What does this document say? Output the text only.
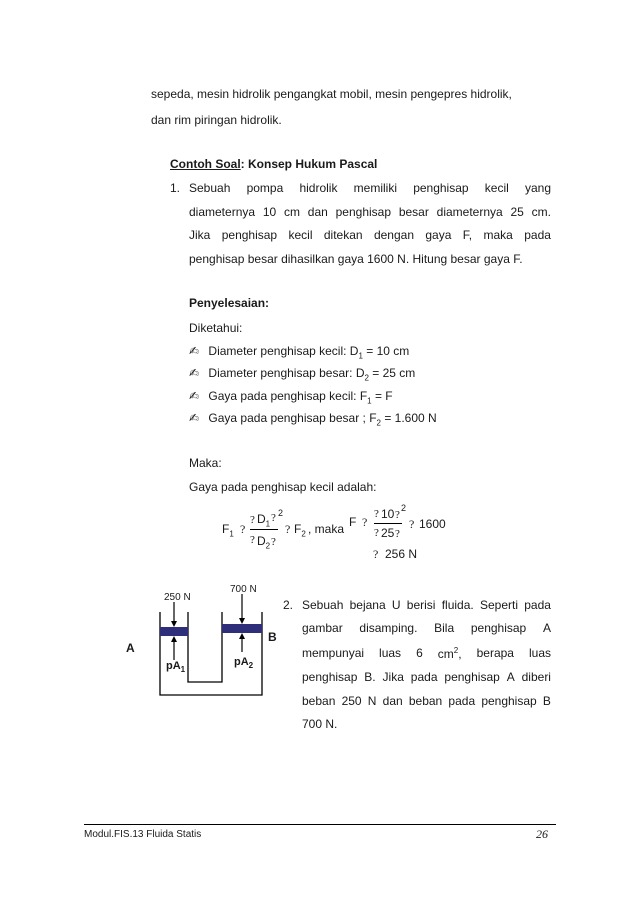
sepeda, mesin hidrolik pengangkat mobil, mesin pengepres hidrolik,
dan rim piringan hidrolik.
Contoh Soal: Konsep Hukum Pascal
1. Sebuah pompa hidrolik memiliki penghisap kecil yang
diameternya 10 cm dan penghisap besar diameternya 25 cm.
Jika penghisap kecil ditekan dengan gaya F, maka pada
penghisap besar dihasilkan gaya 1600 N. Hitung besar gaya F.
Penyelesaian:
Diketahui:
✍ Diameter penghisap kecil: $D_1 = 10$ cm
✍ Diameter penghisap besar: $D_2 = 25$ cm
✍ Gaya pada penghisap kecil: $F_1 = F$
✍ Gaya pada penghisap besar ; $F_2 = 1.600$ N
Maka:
Gaya pada penghisap kecil adalah:
$F_1$ ?
? $D_1$ ? 2
? $D_2$ ?
? $F_2$ , maka F ?
? 10 ?
2
? 25 ?
? 1600
? 256 N
250 N
700 N
A
B
$pA_1$
$pA_2$
2. Sebuah bejana U berisi fluida. Seperti pada
gambar disamping. Bila penghisap A
mempunyai luas 6 $cm^2$, berapa luas
penghisap B. Jika pada penghisap A diberi
beban 250 N dan beban pada penghisap B
700 N.
Modul.FIS.13 Fluida Statis	26
